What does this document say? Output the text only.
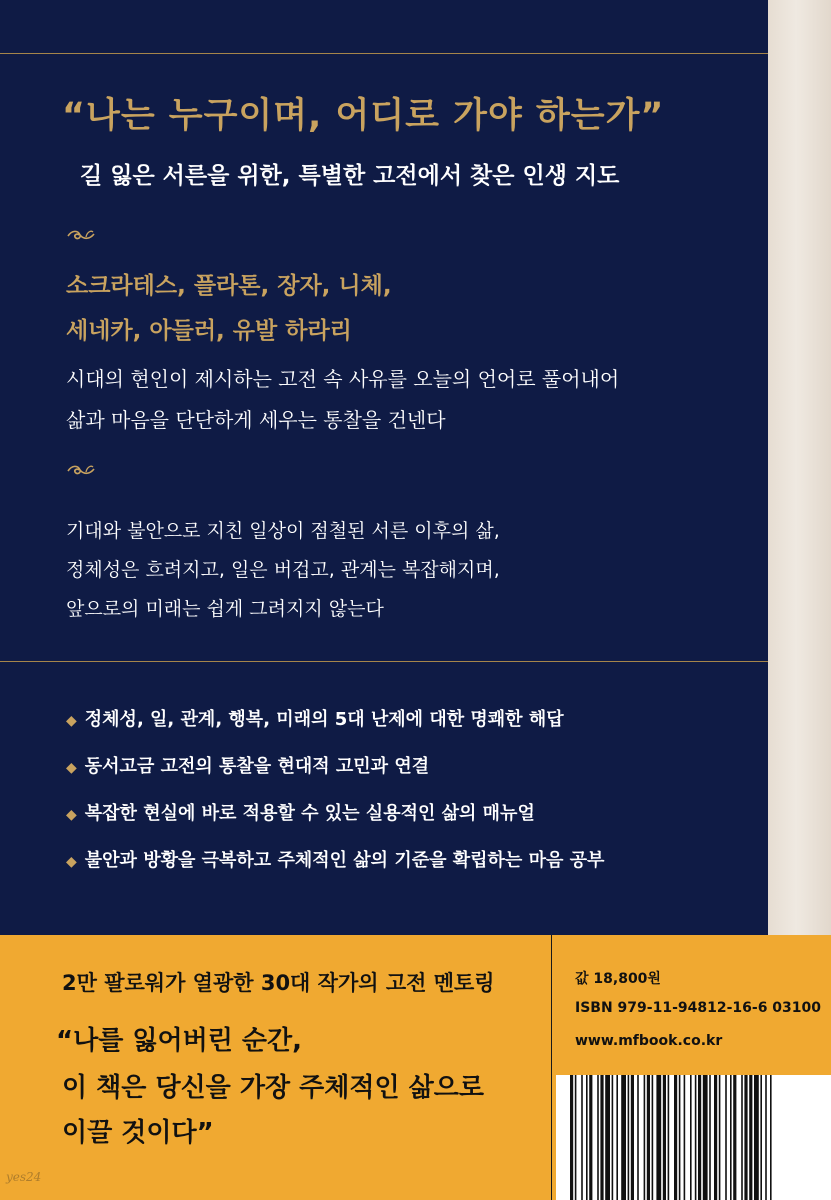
“나는 누구이며, 어디로 가야 하는가”
길 잃은 서른을 위한, 특별한 고전에서 찾은 인생 지도
소크라테스, 플라톤, 장자, 니체,
세네카, 아들러, 유발 하라리
시대의 현인이 제시하는 고전 속 사유를 오늘의 언어로 풀어내어
삶과 마음을 단단하게 세우는 통찰을 건넨다
기대와 불안으로 지친 일상이 점철된 서른 이후의 삶,
정체성은 흐려지고, 일은 버겁고, 관계는 복잡해지며,
앞으로의 미래는 쉽게 그려지지 않는다
◆ 정체성, 일, 관계, 행복, 미래의 5대 난제에 대한 명쾌한 해답
◆ 동서고금 고전의 통찰을 현대적 고민과 연결
◆ 복잡한 현실에 바로 적용할 수 있는 실용적인 삶의 매뉴얼
◆ 불안과 방황을 극복하고 주체적인 삶의 기준을 확립하는 마음 공부
2만 팔로워가 열광한 30대 작가의 고전 멘토링
“나를 잃어버린 순간,
이 책은 당신을 가장 주체적인 삶으로
이끌 것이다”
값 18,800원
ISBN 979-11-94812-16-6 03100
www.mfbook.co.kr
yes24
